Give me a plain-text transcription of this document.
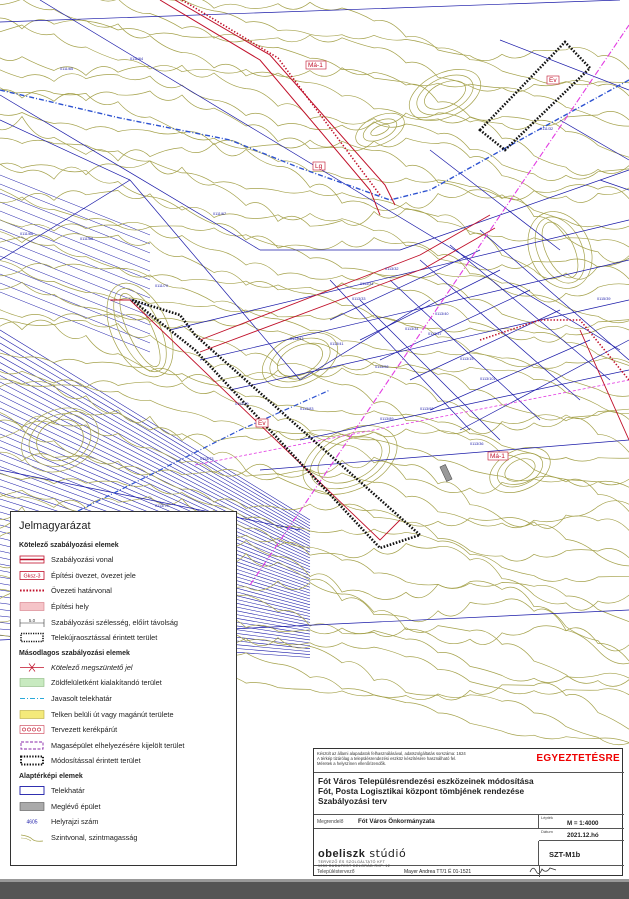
Má-1
Lg
Ev
Ev
Má-1
0111/64
0111/65
0111/67
0111/66
0111/70
0111/68
0113/31
0113/32
0113/33
0113/34
0113/37
0113/41
0113/58
0113/43
0113/40
0113/83
0113/89
0113/92
0113/101
0113/79
0115/39
0111/32
0113/15
0113/36
0113/73
0113/79
Jelmagyarázat
Kötelező szabályozási elemek
Szabályozási vonal
Gksz-3 Építési övezet, övezet jele
Övezeti határvonal
Építési hely
5.0 Szabályozási szélesség, előírt távolság
Telekújraosztással érintett terület
Másodlagos szabályozási elemek
Kötelező megszüntető jel
Zöldfelületként kialakítandó terület
Javasolt telekhatár
Telken belüli út vagy magánút területe
Tervezett kerékpárút
Magasépület elhelyezésére kijelölt terület
Módosítással érintett terület
Alaptérképi elemek
Telekhatár
Meglévő épület
4605 Helyrajzi szám
Szintvonal, szintmagasság
Készült az állami alapadatok felhasználásával, adatszolgáltatás sorszáma: 1624
A térkép tizárólag a településrendezési eszköz készítésére használható fel.
Méretek a helyszínen ellenőrizendők.	EGYEZTETÉSRE
Fót Város Településrendezési eszközeinek módosítása
Fót, Posta Logisztikai központ tömbjének rendezése
Szabályozási terv
Megrendelő Fót Város Önkormányzata
Lépték
M = 1:4000
Dátum
2021.12.hó
obeliszk stúdió
TERVEZŐ ÉS SZOLGÁLTATÓ KFT
1050 BUDAPEST DELGRÁD RKP. 12
SZT-M1b
Településtervező	Mayer Andrea TT/1 É 01-1521
